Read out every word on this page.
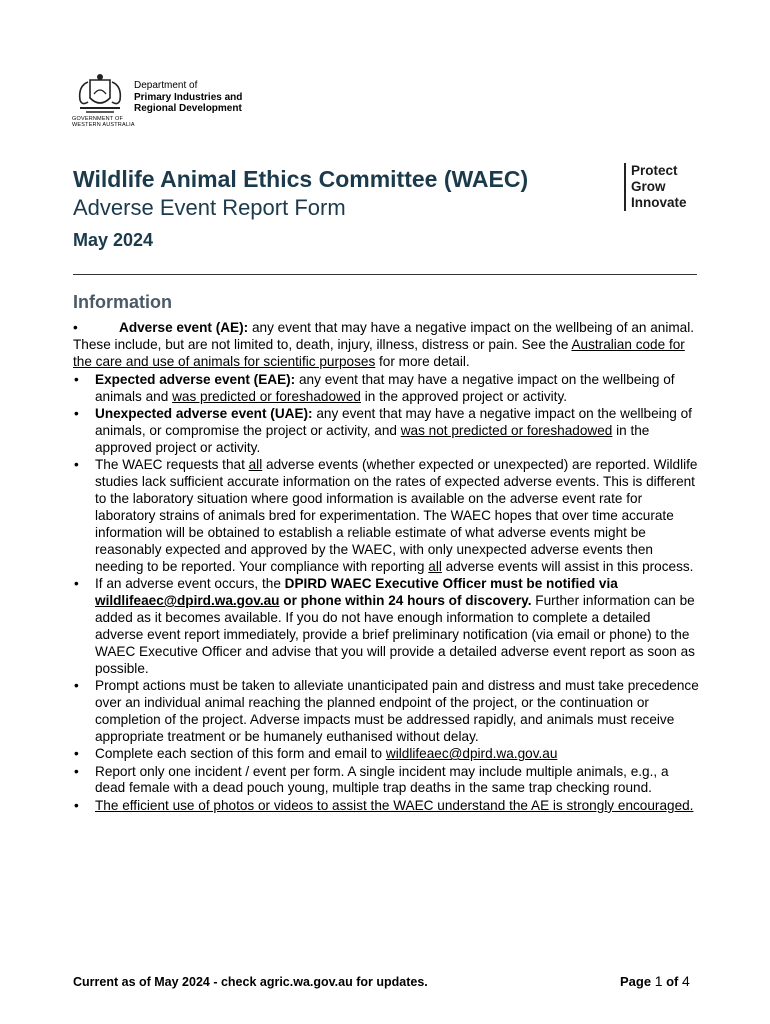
GOVERNMENT OF
WESTERN AUSTRALIA
Department of
Primary Industries and
Regional Development
Protect
Grow
Innovate
Wildlife Animal Ethics Committee (WAEC)
Adverse Event Report Form
May 2024
Information

•	Adverse event (AE): any event that may have a negative impact on the wellbeing of an animal. These include, but are not limited to, death, injury, illness, distress or pain. See the Australian code for the care and use of animals for scientific purposes for more detail.

• Expected adverse event (EAE): any event that may have a negative impact on the wellbeing of animals and was predicted or foreshadowed in the approved project or activity.
• Unexpected adverse event (UAE): any event that may have a negative impact on the wellbeing of animals, or compromise the project or activity, and was not predicted or foreshadowed in the approved project or activity.
• The WAEC requests that all adverse events (whether expected or unexpected) are reported. Wildlife studies lack sufficient accurate information on the rates of expected adverse events. This is different to the laboratory situation where good information is available on the adverse event rate for laboratory strains of animals bred for experimentation. The WAEC hopes that over time accurate information will be obtained to establish a reliable estimate of what adverse events might be reasonably expected and approved by the WAEC, with only unexpected adverse events then needing to be reported. Your compliance with reporting all adverse events will assist in this process.
• If an adverse event occurs, the DPIRD WAEC Executive Officer must be notified via wildlifeaec@dpird.wa.gov.au or phone within 24 hours of discovery. Further information can be added as it becomes available. If you do not have enough information to complete a detailed adverse event report immediately, provide a brief preliminary notification (via email or phone) to the WAEC Executive Officer and advise that you will provide a detailed adverse event report as soon as possible.
• Prompt actions must be taken to alleviate unanticipated pain and distress and must take precedence over an individual animal reaching the planned endpoint of the project, or the continuation or completion of the project. Adverse impacts must be addressed rapidly, and animals must receive appropriate treatment or be humanely euthanised without delay.
• Complete each section of this form and email to wildlifeaec@dpird.wa.gov.au
• Report only one incident / event per form. A single incident may include multiple animals, e.g., a dead female with a dead pouch young, multiple trap deaths in the same trap checking round.
• The efficient use of photos or videos to assist the WAEC understand the AE is strongly encouraged.
Current as of May 2024 - check agric.wa.gov.au for updates.	Page 1 of 4
